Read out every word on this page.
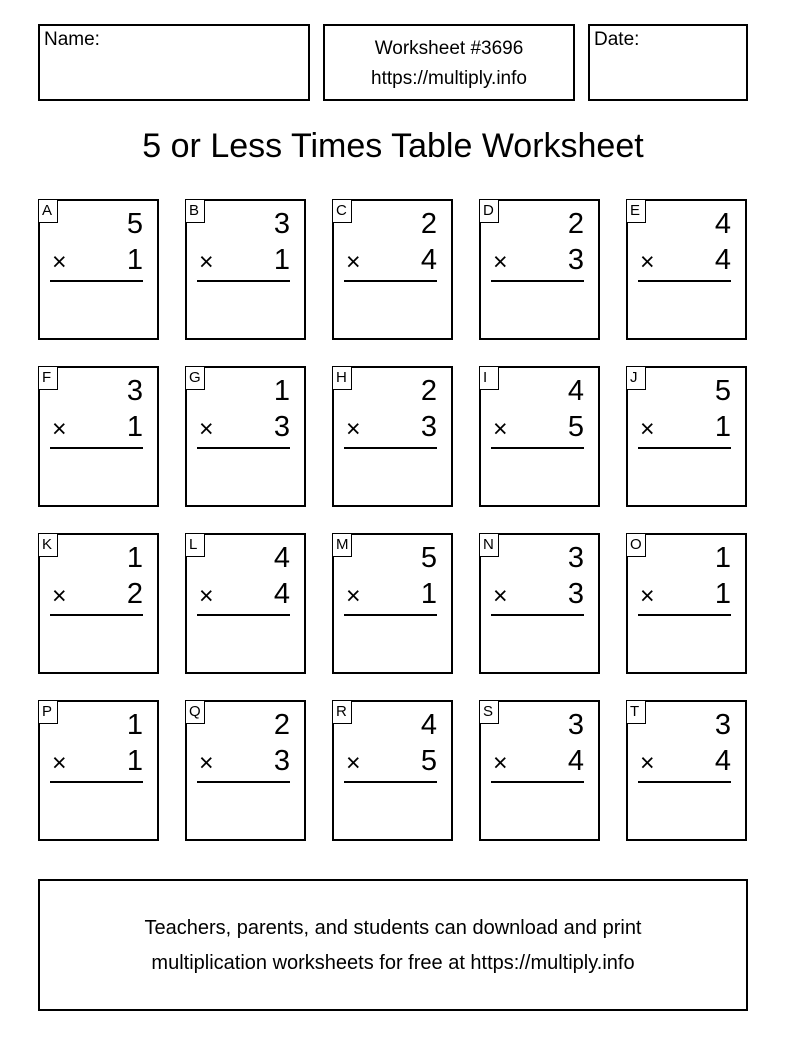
Name:	Worksheet #3696
https://multiply.info
Date:
5 or Less Times Table Worksheet
A	5
× 1
B	3
× 1
C	2
× 4
D	2
× 3
E	4
× 4
F	3
× 1
G	1
× 3
H	2
× 3
I	4
× 5
J	5
× 1
K	1
× 2
L	4
× 4
M 5
× 1
N	3
× 3
O	1
× 1
P	1
× 1
Q	2
× 3
R	4
× 5
S	3
× 4
T	3
× 4
Teachers, parents, and students can download and print
multiplication worksheets for free at https://multiply.info
